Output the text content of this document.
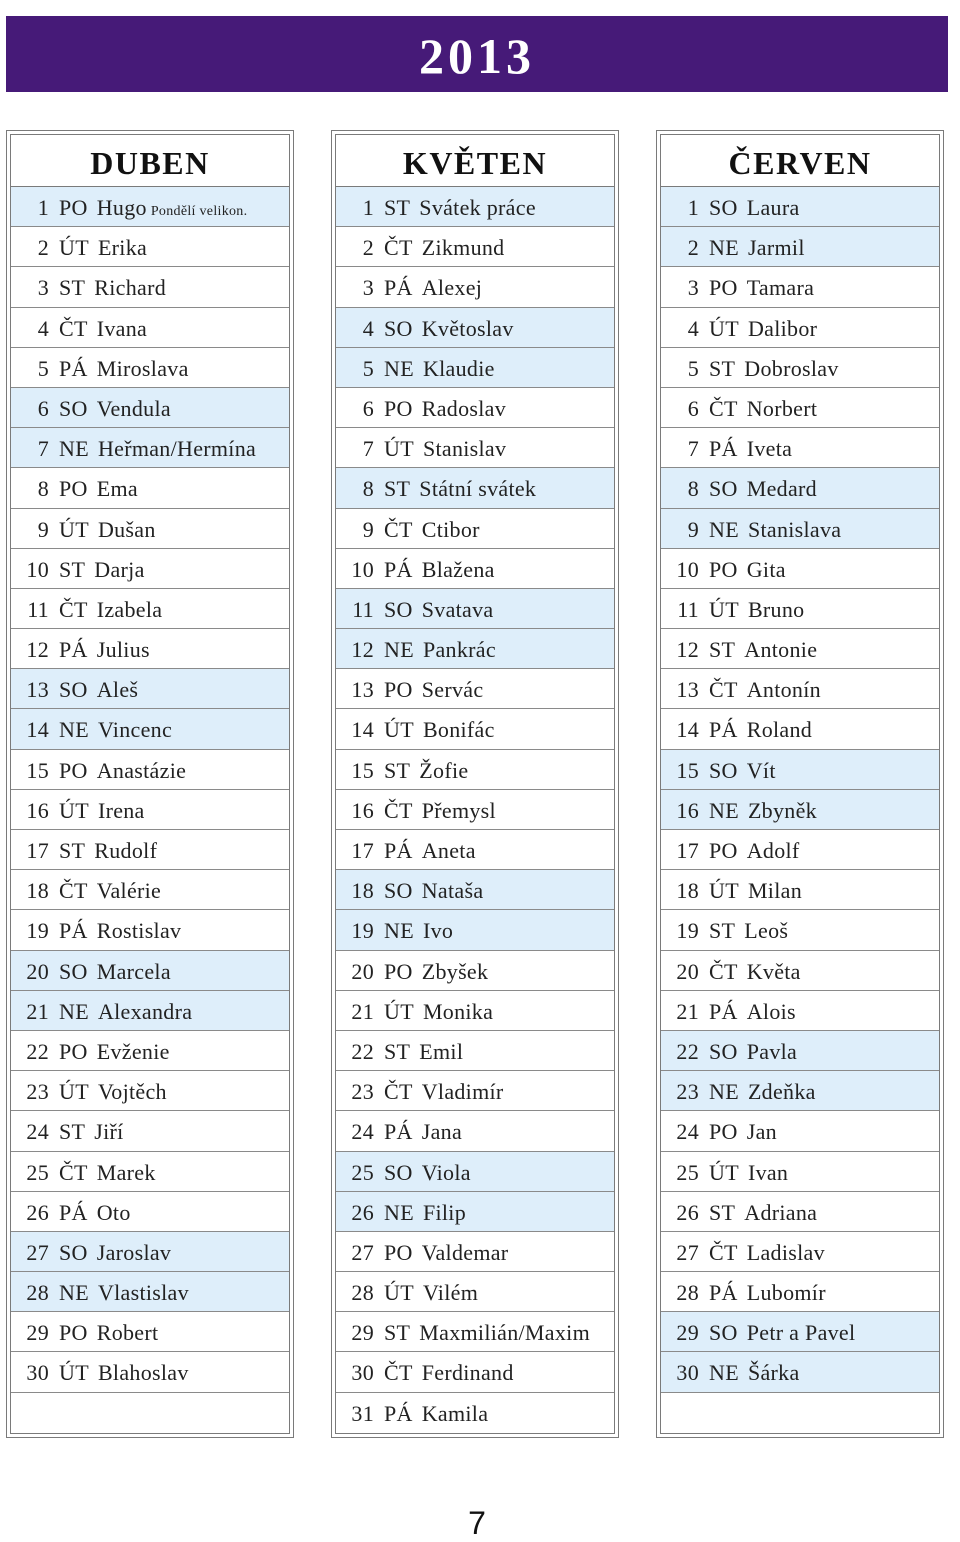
2013
DUBEN
1 PO Hugo Pondělí velikon.
2 ÚT Erika
3 ST Richard
4 ČT Ivana
5 PÁ Miroslava
6 SO Vendula
7 NE Heřman/Hermína
8 PO Ema
9 ÚT Dušan
10 ST Darja
11 ČT Izabela
12 PÁ Julius
13 SO Aleš
14 NE Vincenc
15 PO Anastázie
16 ÚT Irena
17 ST Rudolf
18 ČT Valérie
19 PÁ Rostislav
20 SO Marcela
21 NE Alexandra
22 PO Evženie
23 ÚT Vojtěch
24 ST Jiří
25 ČT Marek
26 PÁ Oto
27 SO Jaroslav
28 NE Vlastislav
29 PO Robert
30 ÚT Blahoslav
KVĚTEN
1 ST Svátek práce
2 ČT Zikmund
3 PÁ Alexej
4 SO Květoslav
5 NE Klaudie
6 PO Radoslav
7 ÚT Stanislav
8 ST Státní svátek
9 ČT Ctibor
10 PÁ Blažena
11 SO Svatava
12 NE Pankrác
13 PO Servác
14 ÚT Bonifác
15 ST Žofie
16 ČT Přemysl
17 PÁ Aneta
18 SO Nataša
19 NE Ivo
20 PO Zbyšek
21 ÚT Monika
22 ST Emil
23 ČT Vladimír
24 PÁ Jana
25 SO Viola
26 NE Filip
27 PO Valdemar
28 ÚT Vilém
29 ST Maxmilián/Maxim
30 ČT Ferdinand
31 PÁ Kamila
ČERVEN
1 SO Laura
2 NE Jarmil
3 PO Tamara
4 ÚT Dalibor
5 ST Dobroslav
6 ČT Norbert
7 PÁ Iveta
8 SO Medard
9 NE Stanislava
10 PO Gita
11 ÚT Bruno
12 ST Antonie
13 ČT Antonín
14 PÁ Roland
15 SO Vít
16 NE Zbyněk
17 PO Adolf
18 ÚT Milan
19 ST Leoš
20 ČT Květa
21 PÁ Alois
22 SO Pavla
23 NE Zdeňka
24 PO Jan
25 ÚT Ivan
26 ST Adriana
27 ČT Ladislav
28 PÁ Lubomír
29 SO Petr a Pavel
30 NE Šárka
7
